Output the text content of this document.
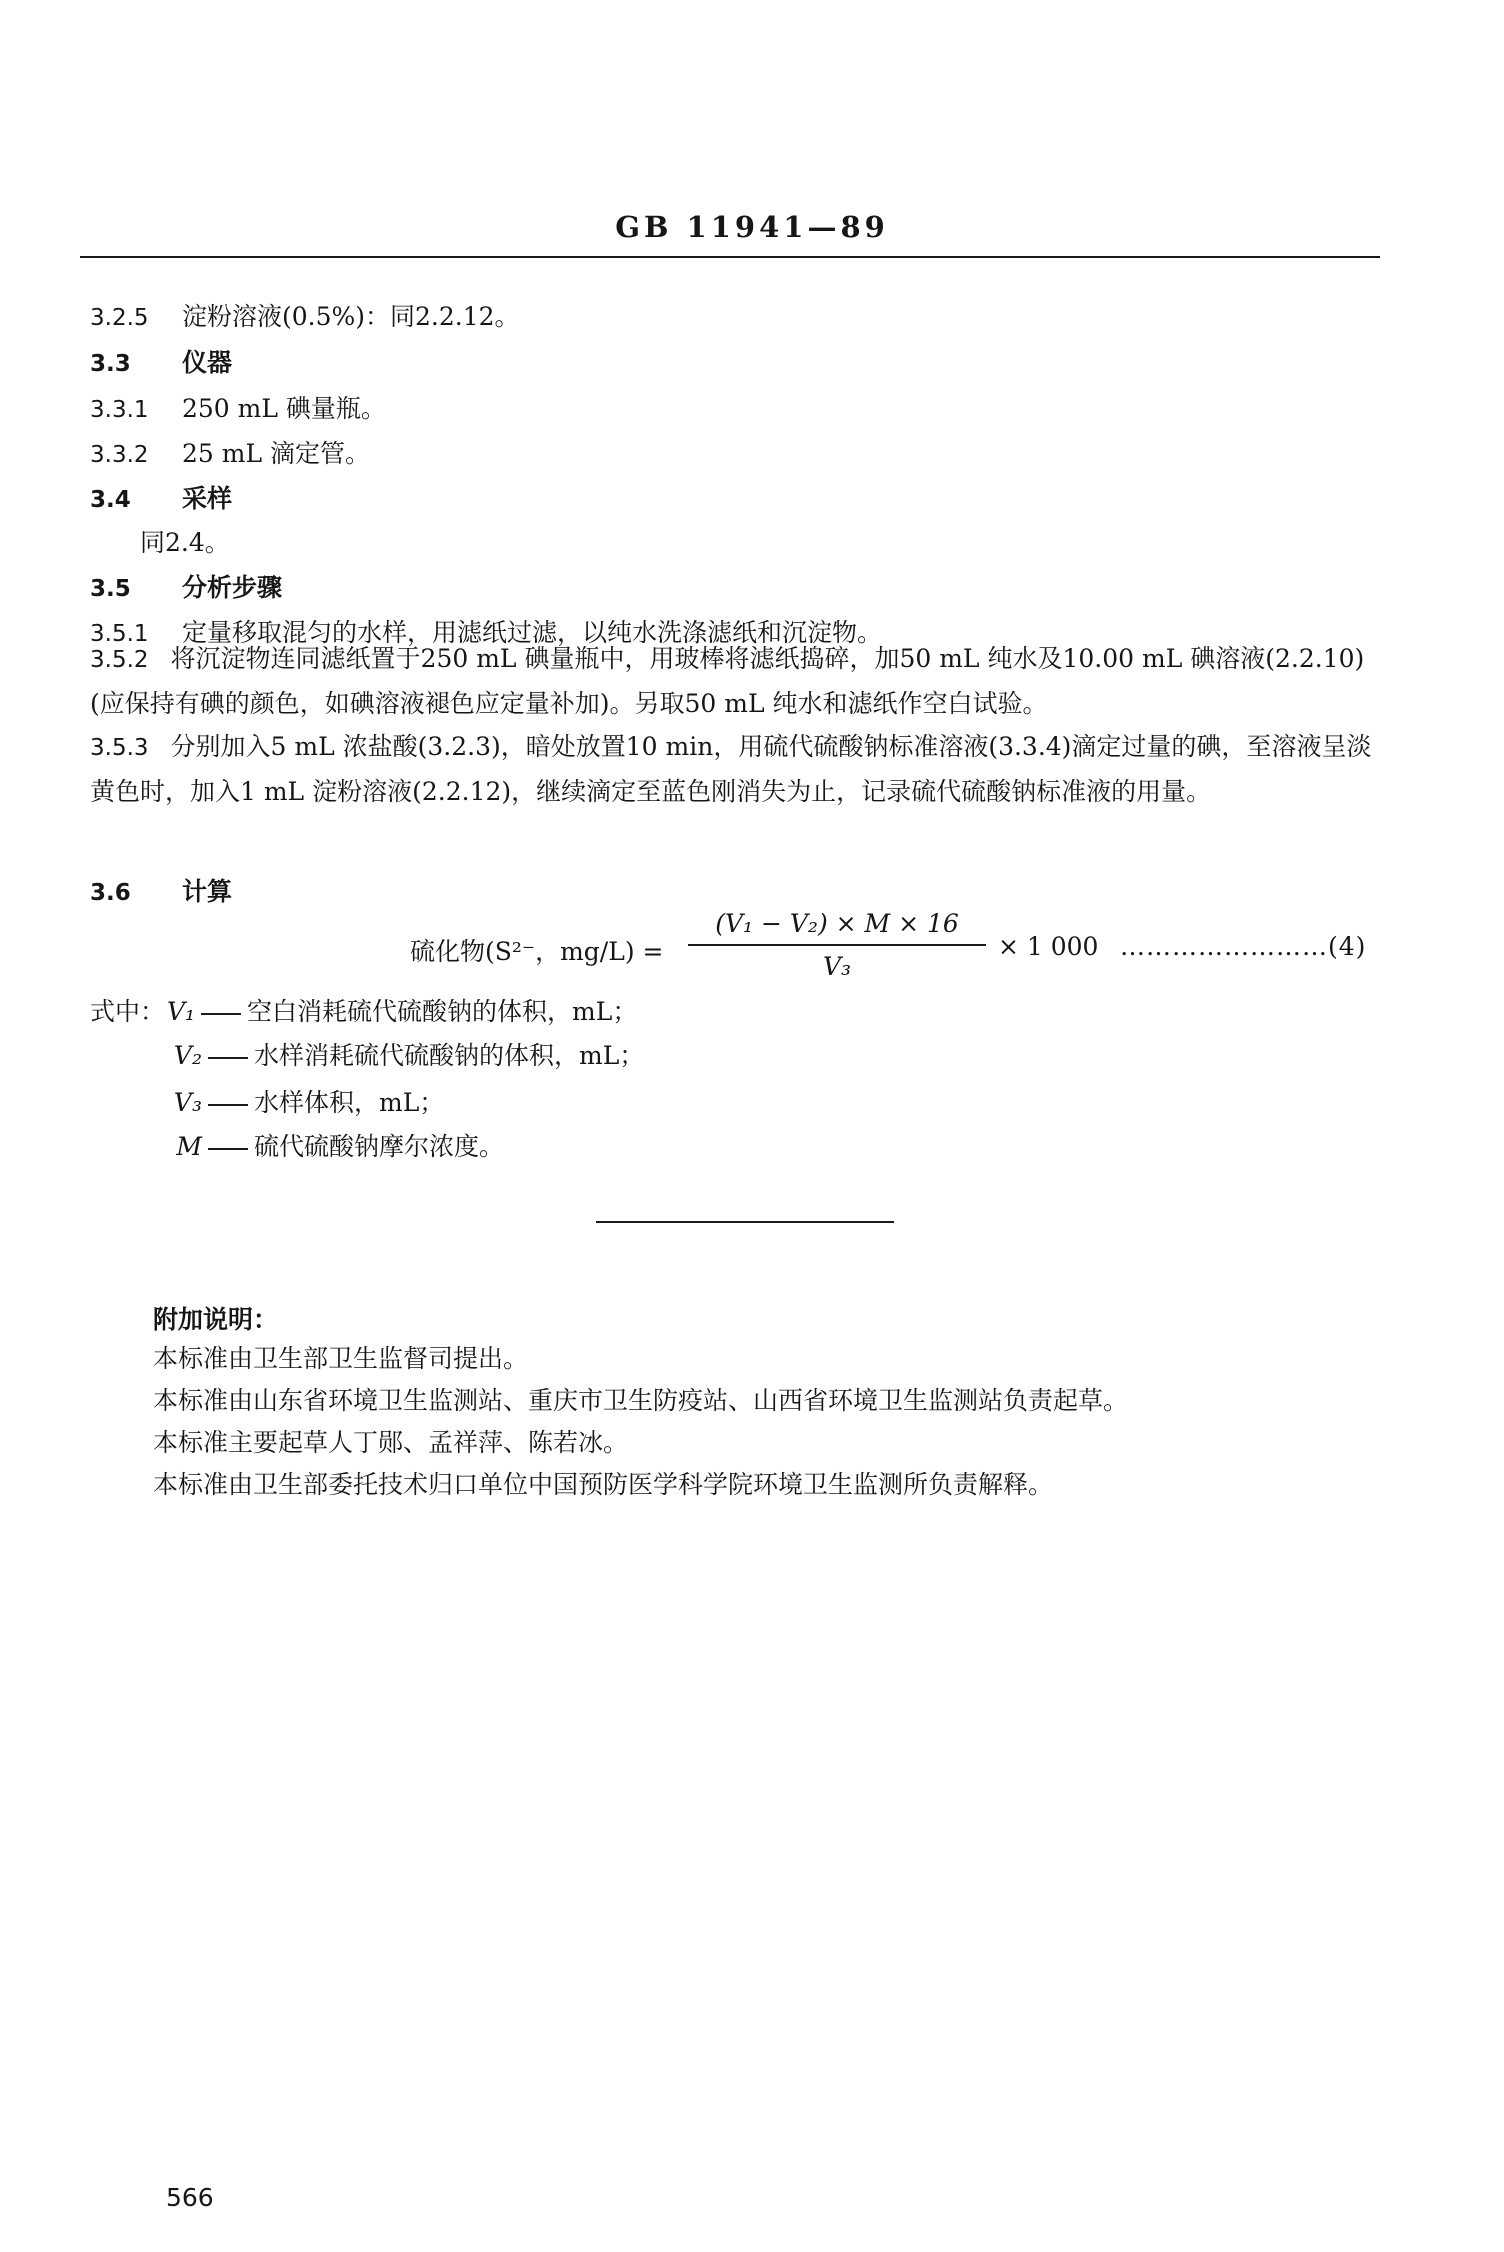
GB 11941—89
3.2.5 淀粉溶液(0.5%)：同2.2.12。
3.3 仪器
3.3.1 250 mL 碘量瓶。
3.3.2 25 mL 滴定管。
3.4 采样
同2.4。
3.5 分析步骤
3.5.1 定量移取混匀的水样，用滤纸过滤，以纯水洗涤滤纸和沉淀物。
3.5.2 将沉淀物连同滤纸置于250 mL 碘量瓶中，用玻棒将滤纸捣碎，加50 mL 纯水及10.00 mL 碘溶液(2.2.10)(应保持有碘的颜色，如碘溶液褪色应定量补加)。另取50 mL 纯水和滤纸作空白试验。
3.5.3 分别加入5 mL 浓盐酸(3.2.3)，暗处放置10 min，用硫代硫酸钠标准溶液(3.3.4)滴定过量的碘，至溶液呈淡黄色时，加入1 mL 淀粉溶液(2.2.12)，继续滴定至蓝色刚消失为止，记录硫代硫酸钠标准液的用量。
3.6 计算
硫化物(S²⁻，mg/L) =
(V₁ − V₂) × M × 16
V₃
× 1 000 ……………………(4)
式中：V₁ 空白消耗硫代硫酸钠的体积，mL；
V₂ 水样消耗硫代硫酸钠的体积，mL；
V₃ 水样体积，mL；
M 硫代硫酸钠摩尔浓度。
附加说明：
本标准由卫生部卫生监督司提出。
本标准由山东省环境卫生监测站、重庆市卫生防疫站、山西省环境卫生监测站负责起草。
本标准主要起草人丁郧、孟祥萍、陈若冰。
本标准由卫生部委托技术归口单位中国预防医学科学院环境卫生监测所负责解释。
566
